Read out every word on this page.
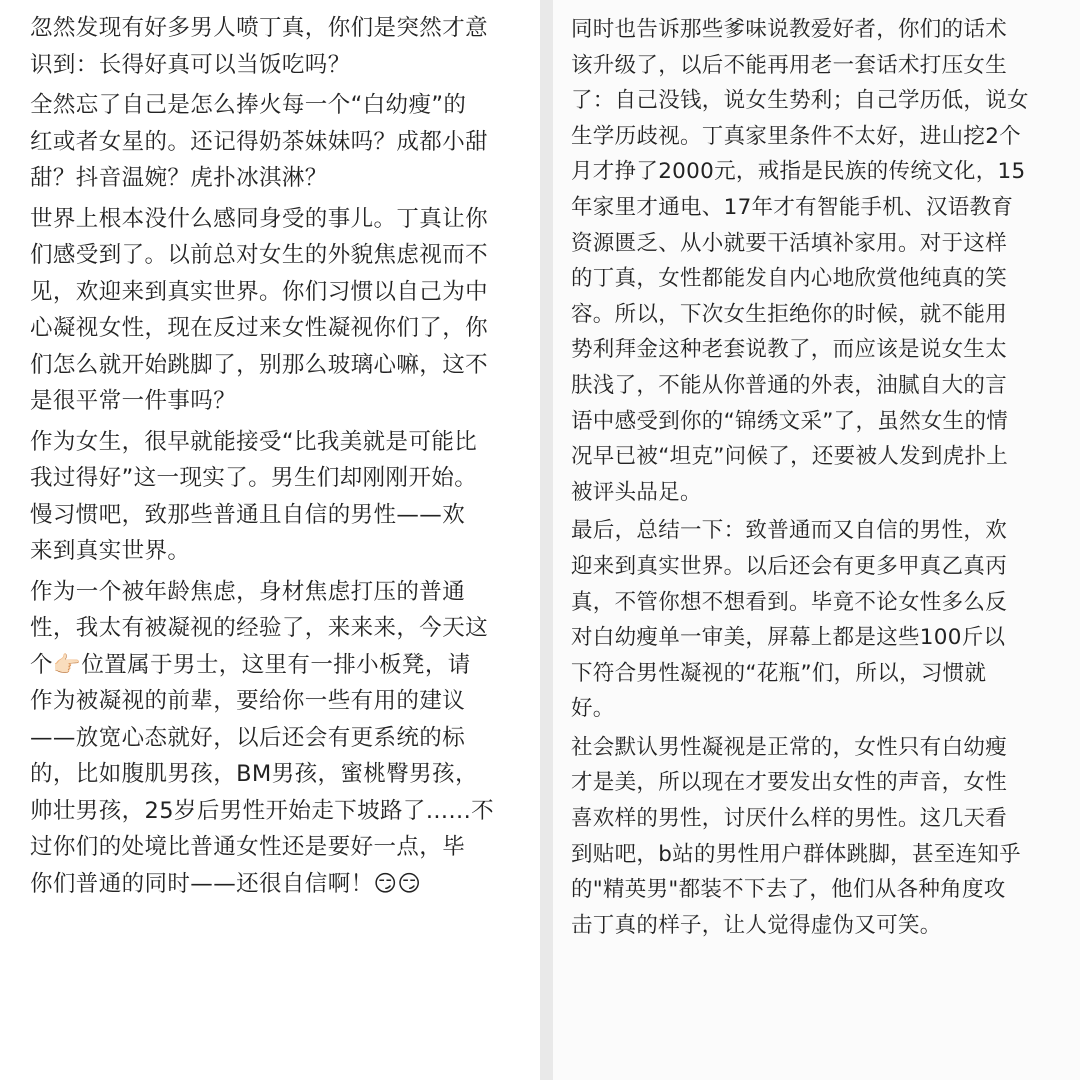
忽然发现有好多男人喷丁真，你们是突然才意
识到：长得好真可以当饭吃吗？

全然忘了自己是怎么捧火每一个“白幼瘦”的
红或者女星的。还记得奶茶妹妹吗？成都小甜
甜？抖音温婉？虎扑冰淇淋？

世界上根本没什么感同身受的事儿。丁真让你
们感受到了。以前总对女生的外貌焦虑视而不
见，欢迎来到真实世界。你们习惯以自己为中
心凝视女性，现在反过来女性凝视你们了，你
们怎么就开始跳脚了，别那么玻璃心嘛，这不
是很平常一件事吗？

作为女生，很早就能接受“比我美就是可能比
我过得好”这一现实了。男生们却刚刚开始。
慢习惯吧，致那些普通且自信的男性——欢
来到真实世界。

作为一个被年龄焦虑，身材焦虑打压的普通
性，我太有被凝视的经验了，来来来，今天这
个👉🏻位置属于男士，这里有一排小板凳，请
作为被凝视的前辈，要给你一些有用的建议
——放宽心态就好，以后还会有更系统的标
的，比如腹肌男孩，BM男孩，蜜桃臀男孩，
帅壮男孩，25岁后男性开始走下坡路了......不
过你们的处境比普通女性还是要好一点，毕
你们普通的同时——还很自信啊！😏😏

同时也告诉那些爹味说教爱好者，你们的话术
该升级了，以后不能再用老一套话术打压女生
了：自己没钱，说女生势利；自己学历低，说女
生学历歧视。丁真家里条件不太好，进山挖2个
月才挣了2000元，戒指是民族的传统文化，15
年家里才通电、17年才有智能手机、汉语教育
资源匮乏、从小就要干活填补家用。对于这样
的丁真，女性都能发自内心地欣赏他纯真的笑
容。所以，下次女生拒绝你的时候，就不能用
势利拜金这种老套说教了，而应该是说女生太
肤浅了，不能从你普通的外表，油腻自大的言
语中感受到你的“锦绣文采”了，虽然女生的情
况早已被“坦克”问候了，还要被人发到虎扑上
被评头品足。

最后，总结一下：致普通而又自信的男性，欢
迎来到真实世界。以后还会有更多甲真乙真丙
真，不管你想不想看到。毕竟不论女性多么反
对白幼瘦单一审美，屏幕上都是这些100斤以
下符合男性凝视的“花瓶”们，所以，习惯就
好。

社会默认男性凝视是正常的，女性只有白幼瘦
才是美，所以现在才要发出女性的声音，女性
喜欢样的男性，讨厌什么样的男性。这几天看
到贴吧，b站的男性用户群体跳脚，甚至连知乎
的"精英男"都装不下去了，他们从各种角度攻
击丁真的样子，让人觉得虚伪又可笑。
